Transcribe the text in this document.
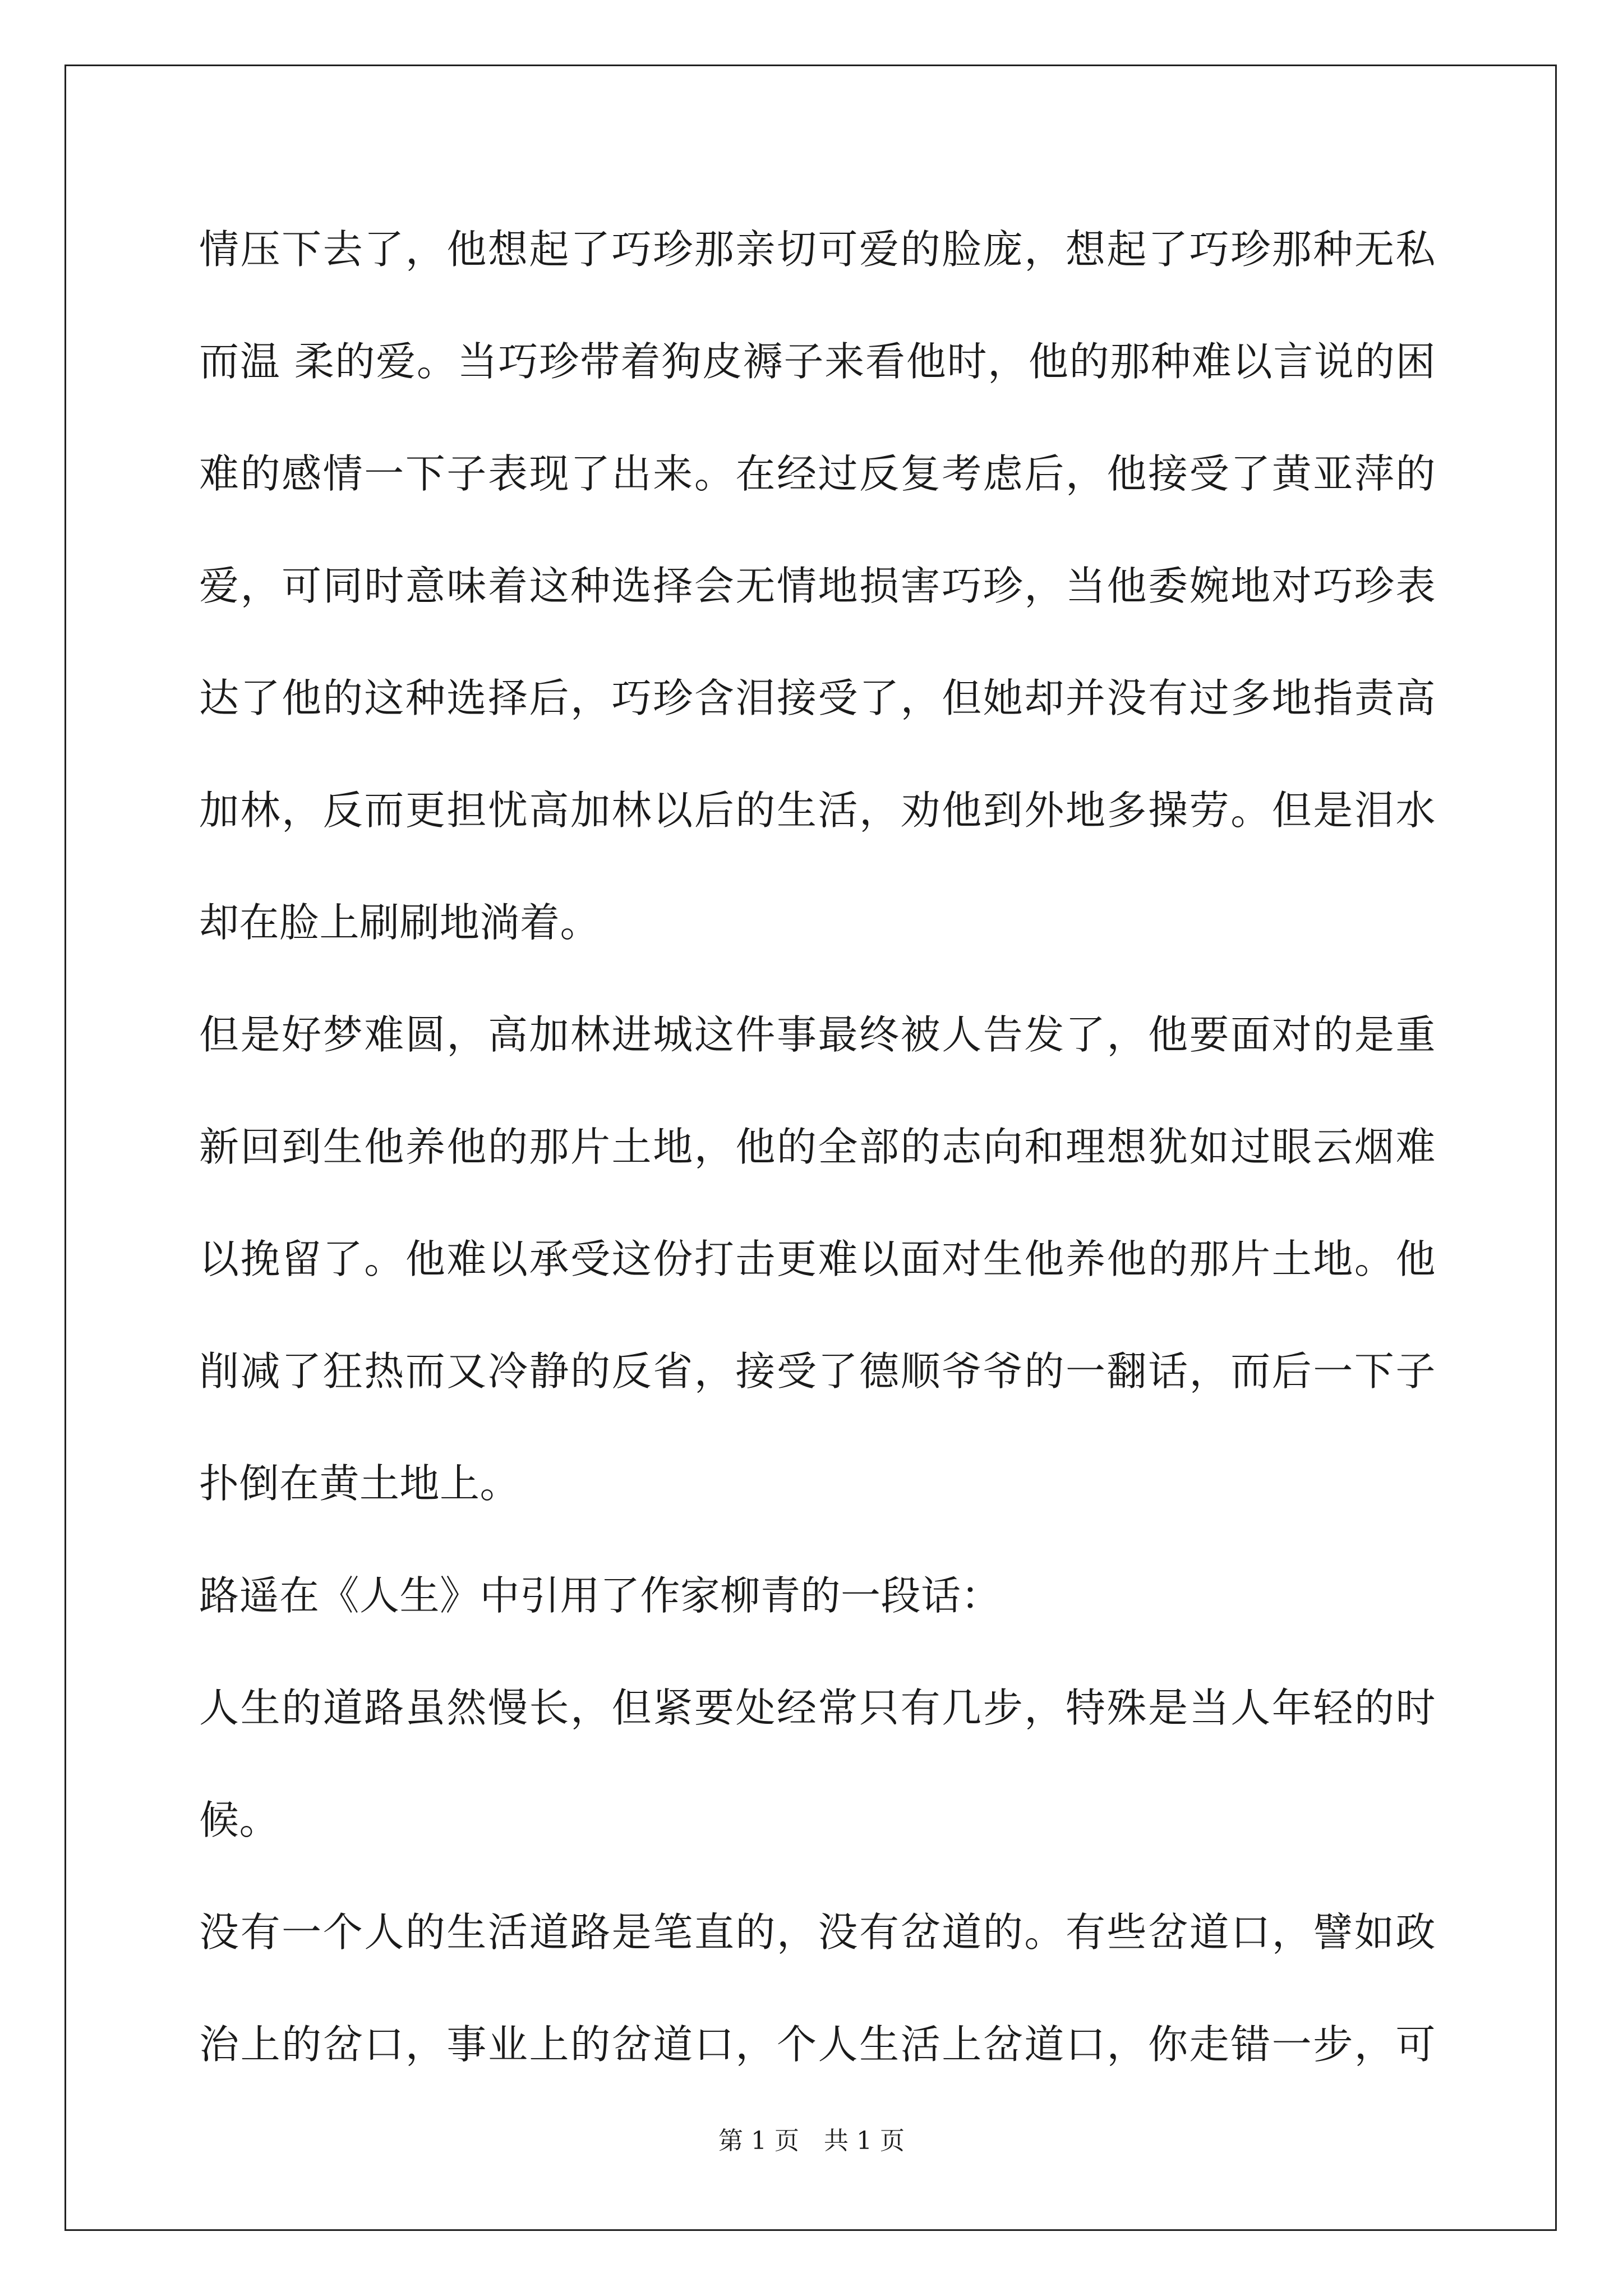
情压下去了，他想起了巧珍那亲切可爱的脸庞，想起了巧珍那种无私
而温 柔的爱。当巧珍带着狗皮褥子来看他时，他的那种难以言说的困
难的感情一下子表现了出来。在经过反复考虑后，他接受了黄亚萍的
爱，可同时意味着这种选择会无情地损害巧珍，当他委婉地对巧珍表
达了他的这种选择后，巧珍含泪接受了，但她却并没有过多地指责高
加林，反而更担忧高加林以后的生活，劝他到外地多操劳。但是泪水
却在脸上刷刷地淌着。
但是好梦难圆，高加林进城这件事最终被人告发了，他要面对的是重
新回到生他养他的那片土地，他的全部的志向和理想犹如过眼云烟难
以挽留了。他难以承受这份打击更难以面对生他养他的那片土地。他
削减了狂热而又冷静的反省，接受了德顺爷爷的一翻话，而后一下子
扑倒在黄土地上。
路遥在《人生》中引用了作家柳青的一段话：
人生的道路虽然慢长，但紧要处经常只有几步，特殊是当人年轻的时
候。
没有一个人的生活道路是笔直的，没有岔道的。有些岔道口，譬如政
治上的岔口，事业上的岔道口，个人生活上岔道口，你走错一步，可
第 1 页　共 1 页
